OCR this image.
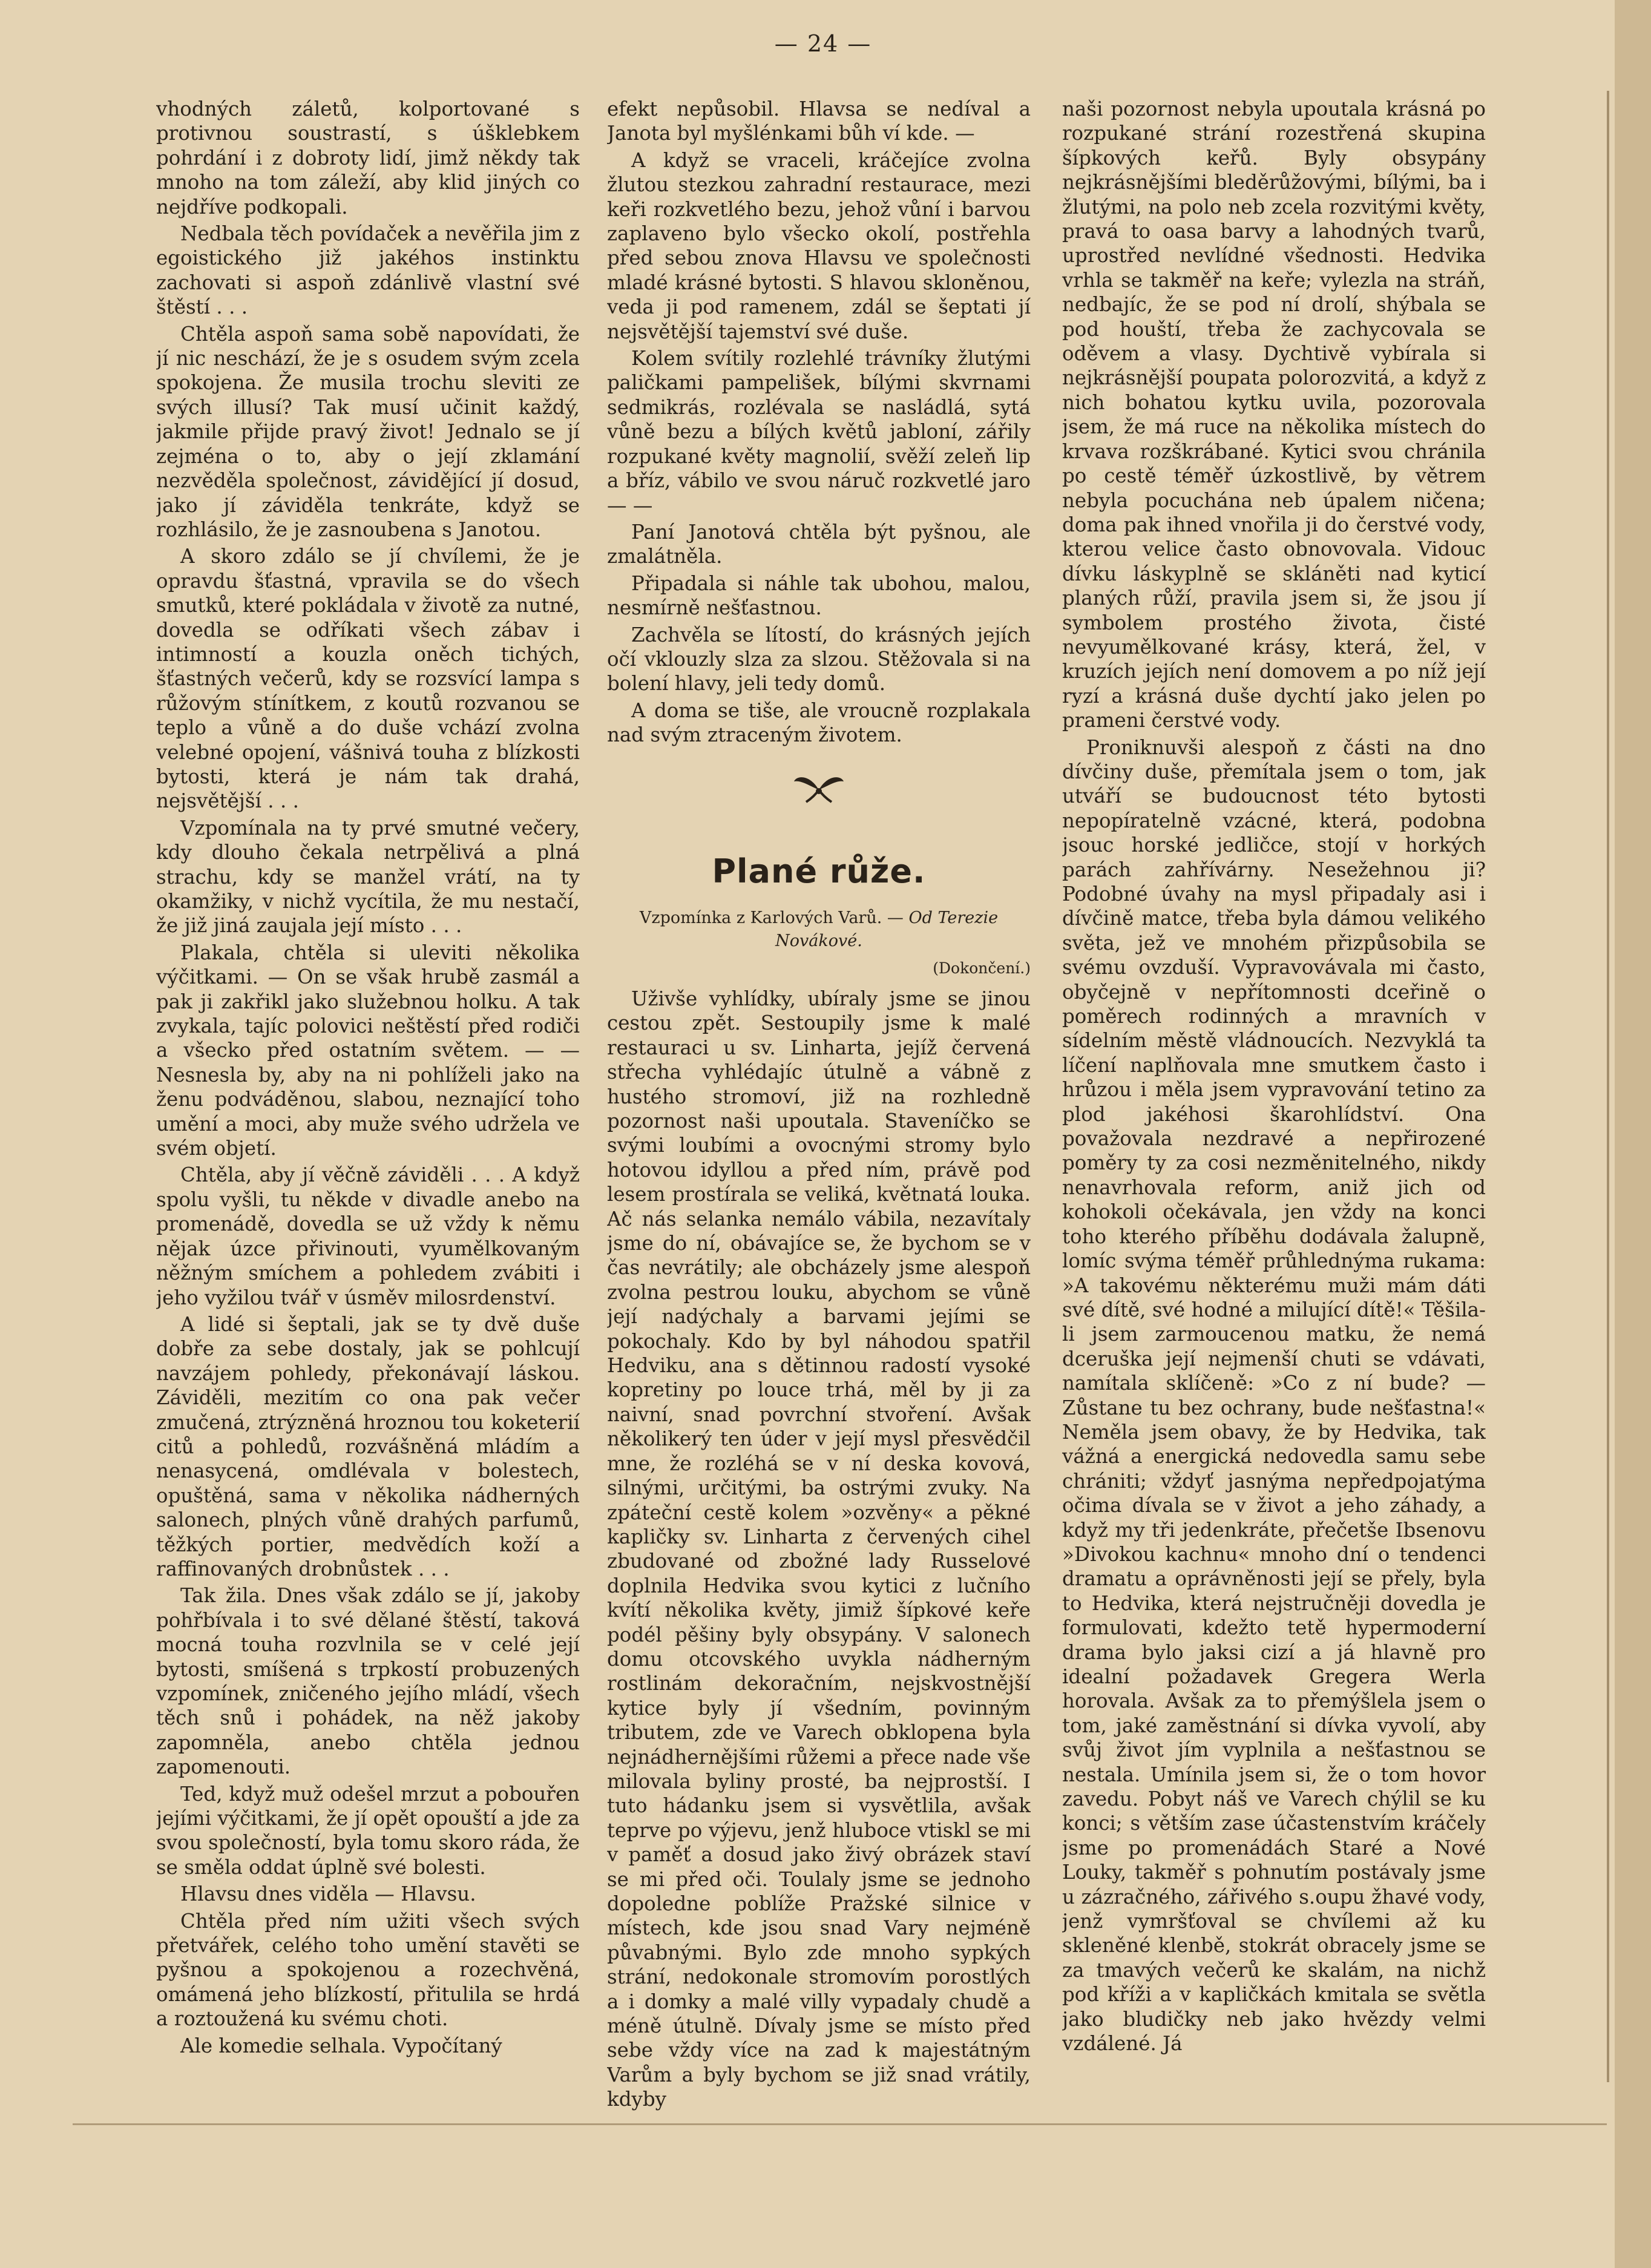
— 24 —

vhodných záletů, kolportované s protivnou soustrastí, s úšklebkem pohrdání i z dobroty lidí, jimž někdy tak mnoho na tom záleží, aby klid jiných co nejdříve podkopali.

Nedbala těch povídaček a nevěřila jim z egoistického již jakéhos instinktu zachovati si aspoň zdánlivě vlastní své štěstí . . .

Chtěla aspoň sama sobě napovídati, že jí nic neschází, že je s osudem svým zcela spokojena. Že musila trochu sleviti ze svých illusí? Tak musí učinit každý, jakmile přijde pravý život! Jednalo se jí zejména o to, aby o její zklamání nezvěděla společnost, závidějící jí dosud, jako jí záviděla tenkráte, když se rozhlásilo, že je zasnoubena s Janotou.

A skoro zdálo se jí chvílemi, že je opravdu šťastná, vpravila se do všech smutků, které pokládala v životě za nutné, dovedla se odříkati všech zábav i intimností a kouzla oněch tichých, šťastných večerů, kdy se rozsvící lampa s růžovým stínítkem, z koutů rozvanou se teplo a vůně a do duše vchází zvolna velebné opojení, vášnivá touha z blízkosti bytosti, která je nám tak drahá, nejsvětější . . .

Vzpomínala na ty prvé smutné večery, kdy dlouho čekala netrpělivá a plná strachu, kdy se manžel vrátí, na ty okamžiky, v nichž vycítila, že mu nestačí, že již jiná zaujala její místo . . .

Plakala, chtěla si uleviti několika výčitkami. — On se však hrubě zasmál a pak ji zakřikl jako služebnou holku. A tak zvykala, tajíc polovici neštěstí před rodiči a všecko před ostatním světem. — — Nesnesla by, aby na ni pohlíželi jako na ženu podváděnou, slabou, neznající toho umění a moci, aby muže svého udržela ve svém objetí.

Chtěla, aby jí věčně záviděli . . . A když spolu vyšli, tu někde v divadle anebo na promenádě, dovedla se už vždy k němu nějak úzce přivinouti, vyumělkovaným něžným smíchem a pohledem zvábiti i jeho vyžilou tvář v úsměv milosrdenství.

A lidé si šeptali, jak se ty dvě duše dobře za sebe dostaly, jak se pohlcují navzájem pohledy, překonávají láskou. Záviděli, mezitím co ona pak večer zmučená, ztrýzněná hroznou tou koketerií citů a pohledů, rozvášněná mládím a nenasycená, omdlévala v bolestech, opuštěná, sama v několika nádherných salonech, plných vůně drahých parfumů, těžkých portier, medvědích koží a raffinovaných drobnůstek . . .

Tak žila. Dnes však zdálo se jí, jakoby pohřbívala i to své dělané štěstí, taková mocná touha rozvlnila se v celé její bytosti, smíšená s trpkostí probuzených vzpomínek, zničeného jejího mládí, všech těch snů i pohádek, na něž jakoby zapomněla, anebo chtěla jednou zapomenouti.

Ted, když muž odešel mrzut a pobouřen jejími výčitkami, že jí opět opouští a jde za svou společností, byla tomu skoro ráda, že se směla oddat úplně své bolesti.

Hlavsu dnes viděla — Hlavsu.

Chtěla před ním užiti všech svých přetvářek, celého toho umění stavěti se pyšnou a spokojenou a rozechvěná, omámená jeho blízkostí, přitulila se hrdá a roztoužená ku svému choti.

Ale komedie selhala. Vypočítaný

efekt nepůsobil. Hlavsa se nedíval a Janota byl myšlénkami bůh ví kde. —

A když se vraceli, kráčejíce zvolna žlutou stezkou zahradní restaurace, mezi keři rozkvetlého bezu, jehož vůní i barvou zaplaveno bylo všecko okolí, postřehla před sebou znova Hlavsu ve společnosti mladé krásné bytosti. S hlavou skloněnou, veda ji pod ramenem, zdál se šeptati jí nejsvětější tajemství své duše.

Kolem svítily rozlehlé trávníky žlutými paličkami pampelišek, bílými skvrnami sedmikrás, rozlévala se nasládlá, sytá vůně bezu a bílých květů jabloní, zářily rozpukané květy magnolií, svěží zeleň lip a bříz, vábilo ve svou náruč rozkvetlé jaro — —

Paní Janotová chtěla být pyšnou, ale zmalátněla.

Připadala si náhle tak ubohou, malou, nesmírně nešťastnou.

Zachvěla se lítostí, do krásných jejích očí vklouzly slza za slzou. Stěžovala si na bolení hlavy, jeli tedy domů.

A doma se tiše, ale vroucně rozplakala nad svým ztraceným životem.

Plané růže.
Vzpomínka z Karlových Varů. — Od Terezie Novákové.
(Dokončení.)

Uživše vyhlídky, ubíraly jsme se jinou cestou zpět. Sestoupily jsme k malé restauraci u sv. Linharta, jejíž červená střecha vyhlédajíc útulně a vábně z hustého stromoví, již na rozhledně pozornost naši upoutala. Staveníčko se svými loubími a ovocnými stromy bylo hotovou idyllou a před ním, právě pod lesem prostírala se veliká, květnatá louka. Ač nás selanka nemálo vábila, nezavítaly jsme do ní, obávajíce se, že bychom se v čas nevrátily; ale obcházely jsme alespoň zvolna pestrou louku, abychom se vůně její nadýchaly a barvami jejími se pokochaly. Kdo by byl náhodou spatřil Hedviku, ana s dětinnou radostí vysoké kopretiny po louce trhá, měl by ji za naivní, snad povrchní stvoření. Avšak několikerý ten úder v její mysl přesvědčil mne, že rozléhá se v ní deska kovová, silnými, určitými, ba ostrými zvuky. Na zpáteční cestě kolem »ozvěny« a pěkné kapličky sv. Linharta z červených cihel zbudované od zbožné lady Russelové doplnila Hedvika svou kytici z lučního kvítí několika květy, jimiž šípkové keře podél pěšiny byly obsypány. V salonech domu otcovského uvykla nádherným rostlinám dekoračním, nejskvostnější kytice byly jí všedním, povinným tributem, zde ve Varech obklopena byla nejnádhernějšími růžemi a přece nade vše milovala byliny prosté, ba nejprostší. I tuto hádanku jsem si vysvětlila, avšak teprve po výjevu, jenž hluboce vtiskl se mi v paměť a dosud jako živý obrázek staví se mi před oči. Toulaly jsme se jednoho dopoledne poblíže Pražské silnice v místech, kde jsou snad Vary nejméně půvabnými. Bylo zde mnoho sypkých strání, nedokonale stromovím porostlých a i domky a malé villy vypadaly chudě a méně útulně. Dívaly jsme se místo před sebe vždy více na zad k majestátným Varům a byly bychom se již snad vrátily, kdyby

naši pozornost nebyla upoutala krásná po rozpukané strání rozestřená skupina šípkových keřů. Byly obsypány nejkrásnějšími bleděrůžovými, bílými, ba i žlutými, na polo neb zcela rozvitými květy, pravá to oasa barvy a lahodných tvarů, uprostřed nevlídné všednosti. Hedvika vrhla se takměř na keře; vylezla na stráň, nedbajíc, že se pod ní drolí, shýbala se pod houští, třeba že zachycovala se oděvem a vlasy. Dychtivě vybírala si nejkrásnější poupata polorozvitá, a když z nich bohatou kytku uvila, pozorovala jsem, že má ruce na několika místech do krvava rozškrábané. Kytici svou chránila po cestě téměř úzkostlivě, by větrem nebyla pocuchána neb úpalem ničena; doma pak ihned vnořila ji do čerstvé vody, kterou velice často obnovovala. Vidouc dívku láskyplně se skláněti nad kyticí planých růží, pravila jsem si, že jsou jí symbolem prostého života, čisté nevyumělkované krásy, která, žel, v kruzích jejích není domovem a po níž její ryzí a krásná duše dychtí jako jelen po prameni čerstvé vody.

Proniknuvši alespoň z části na dno dívčiny duše, přemítala jsem o tom, jak utváří se budoucnost této bytosti nepopíratelně vzácné, která, podobna jsouc horské jedličce, stojí v horkých parách zahřívárny. Nesežehnou ji? Podobné úvahy na mysl připadaly asi i dívčině matce, třeba byla dámou velikého světa, jež ve mnohém přizpůsobila se svému ovzduší. Vypravovávala mi často, obyčejně v nepřítomnosti dceřině o poměrech rodinných a mravních v sídelním městě vládnoucích. Nezvyklá ta líčení naplňovala mne smutkem často i hrůzou i měla jsem vypravování tetino za plod jakéhosi škarohlídství. Ona považovala nezdravé a nepřirozené poměry ty za cosi nezměnitelného, nikdy nenavrhovala reform, aniž jich od kohokoli očekávala, jen vždy na konci toho kterého příběhu dodávala žalupně, lomíc svýma téměř průhlednýma rukama: »A takovému některému muži mám dáti své dítě, své hodné a milující dítě!« Těšila-li jsem zarmoucenou matku, že nemá dceruška její nejmenší chuti se vdávati, namítala sklíčeně: »Co z ní bude? — Zůstane tu bez ochrany, bude nešťastna!« Neměla jsem obavy, že by Hedvika, tak vážná a energická nedovedla samu sebe chrániti; vždyť jasnýma nepředpojatýma očima dívala se v život a jeho záhady, a když my tři jedenkráte, přečetše Ibsenovu »Divokou kachnu« mnoho dní o tendenci dramatu a oprávněnosti její se přely, byla to Hedvika, která nejstručněji dovedla je formulovati, kdežto tetě hypermoderní drama bylo jaksi cizí a já hlavně pro idealní požadavek Gregera Werla horovala. Avšak za to přemýšlela jsem o tom, jaké zaměstnání si dívka vyvolí, aby svůj život jím vyplnila a nešťastnou se nestala. Umínila jsem si, že o tom hovor zavedu. Pobyt náš ve Varech chýlil se ku konci; s větším zase účastenstvím kráčely jsme po promenádách Staré a Nové Louky, takměř s pohnutím postávaly jsme u zázračného, zářivého s.oupu žhavé vody, jenž vymršťoval se chvílemi až ku skleněné klenbě, stokrát obracely jsme se za tmavých večerů ke skalám, na nichž pod kříži a v kapličkách kmitala se světla jako bludičky neb jako hvězdy velmi vzdálené. Já
